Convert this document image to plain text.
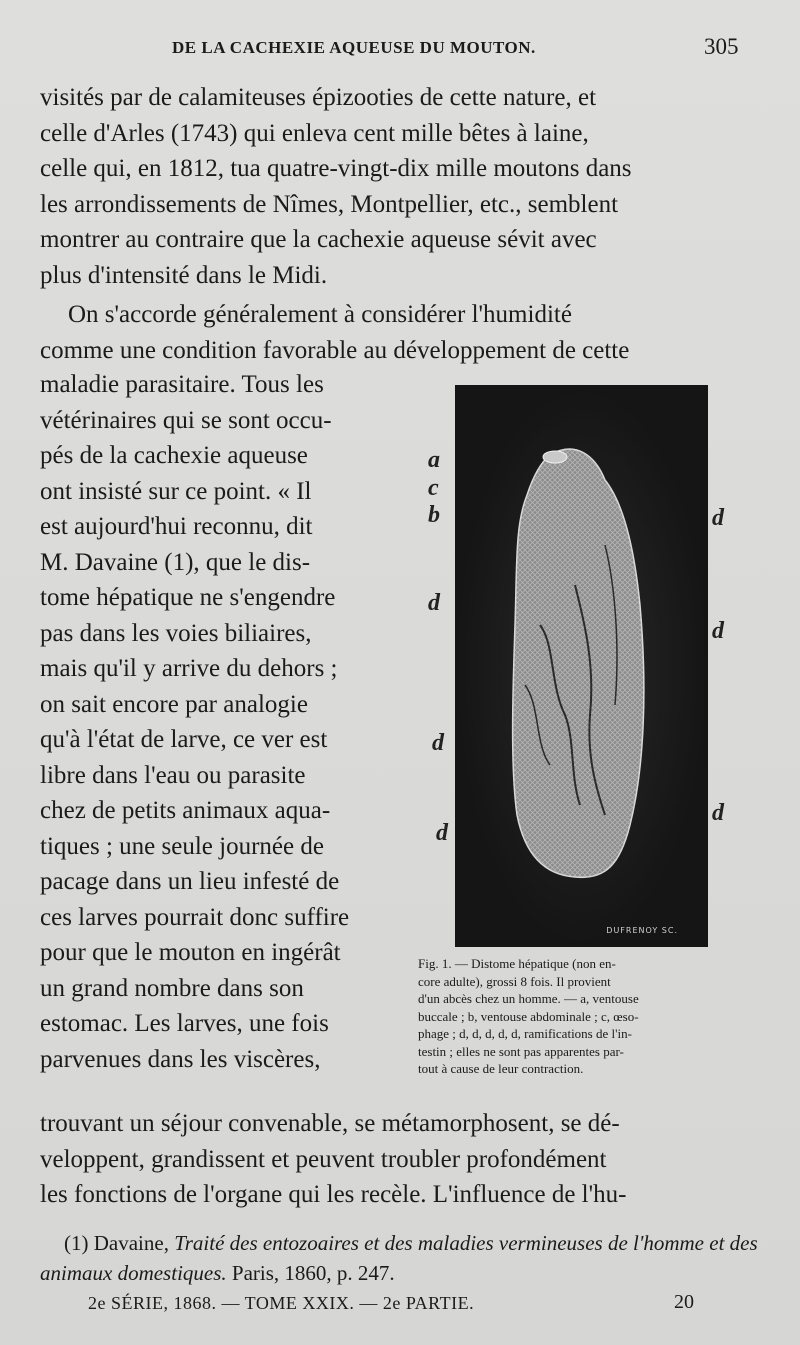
DE LA CACHEXIE AQUEUSE DU MOUTON.	305
visités par de calamiteuses épizooties de cette nature, et
celle d'Arles (1743) qui enleva cent mille bêtes à laine,
celle qui, en 1812, tua quatre-vingt-dix mille moutons dans
les arrondissements de Nîmes, Montpellier, etc., semblent
montrer au contraire que la cachexie aqueuse sévit avec
plus d'intensité dans le Midi.
On s'accorde généralement à considérer l'humidité
comme une condition favorable au développement de cette
maladie parasitaire. Tous les
vétérinaires qui se sont occu-
pés de la cachexie aqueuse
ont insisté sur ce point. « Il
est aujourd'hui reconnu, dit
M. Davaine (1), que le dis-
tome hépatique ne s'engendre
pas dans les voies biliaires,
mais qu'il y arrive du dehors ;
on sait encore par analogie
qu'à l'état de larve, ce ver est
libre dans l'eau ou parasite
chez de petits animaux aqua-
tiques ; une seule journée de
pacage dans un lieu infesté de
ces larves pourrait donc suffire
pour que le mouton en ingérât
un grand nombre dans son
estomac. Les larves, une fois
parvenues dans les viscères,
DUFRENOY SC.
a
c
b	d
d
d
d
d
d
Fig. 1. — Distome hépatique (non en-
core adulte), grossi 8 fois. Il provient
d'un abcès chez un homme. — a, ventouse
buccale ; b, ventouse abdominale ; c, œso-
phage ; d, d, d, d, d, ramifications de l'in-
testin ; elles ne sont pas apparentes par-
tout à cause de leur contraction.
trouvant un séjour convenable, se métamorphosent, se dé-
veloppent, grandissent et peuvent troubler profondément
les fonctions de l'organe qui les recèle. L'influence de l'hu-
(1) Davaine, Traité des entozoaires et des maladies vermineuses de l'homme et des animaux domestiques. Paris, 1860, p. 247.
2e SÉRIE, 1868. — TOME XXIX. — 2e PARTIE.	20
